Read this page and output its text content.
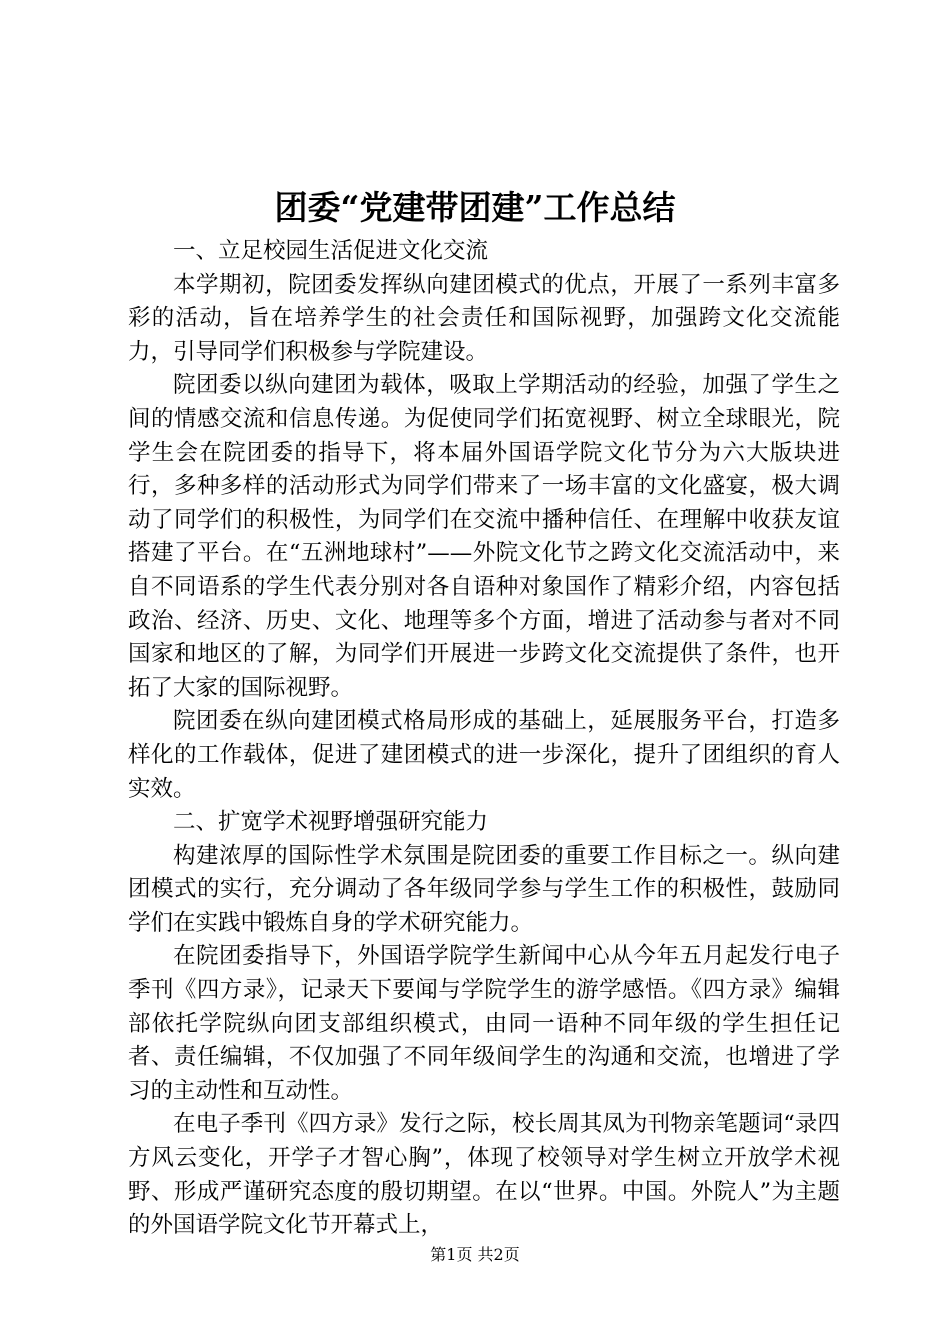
团委“党建带团建”工作总结

一、立足校园生活促进文化交流

本学期初，院团委发挥纵向建团模式的优点，开展了一系列丰富多彩的活动，旨在培养学生的社会责任和国际视野，加强跨文化交流能力，引导同学们积极参与学院建设。

院团委以纵向建团为载体，吸取上学期活动的经验，加强了学生之间的情感交流和信息传递。为促使同学们拓宽视野、树立全球眼光，院学生会在院团委的指导下，将本届外国语学院文化节分为六大版块进行，多种多样的活动形式为同学们带来了一场丰富的文化盛宴，极大调动了同学们的积极性，为同学们在交流中播种信任、在理解中收获友谊搭建了平台。在“五洲地球村”——外院文化节之跨文化交流活动中，来自不同语系的学生代表分别对各自语种对象国作了精彩介绍，内容包括政治、经济、历史、文化、地理等多个方面，增进了活动参与者对不同国家和地区的了解，为同学们开展进一步跨文化交流提供了条件，也开拓了大家的国际视野。

院团委在纵向建团模式格局形成的基础上，延展服务平台，打造多样化的工作载体，促进了建团模式的进一步深化，提升了团组织的育人实效。

二、扩宽学术视野增强研究能力

构建浓厚的国际性学术氛围是院团委的重要工作目标之一。纵向建团模式的实行，充分调动了各年级同学参与学生工作的积极性，鼓励同学们在实践中锻炼自身的学术研究能力。

在院团委指导下，外国语学院学生新闻中心从今年五月起发行电子季刊《四方录》，记录天下要闻与学院学生的游学感悟。《四方录》编辑部依托学院纵向团支部组织模式，由同一语种不同年级的学生担任记者、责任编辑，不仅加强了不同年级间学生的沟通和交流，也增进了学习的主动性和互动性。

在电子季刊《四方录》发行之际，校长周其凤为刊物亲笔题词“录四方风云变化，开学子才智心胸”，体现了校领导对学生树立开放学术视野、形成严谨研究态度的殷切期望。在以“世界。中国。外院人”为主题的外国语学院文化节开幕式上，

第1页 共2页
